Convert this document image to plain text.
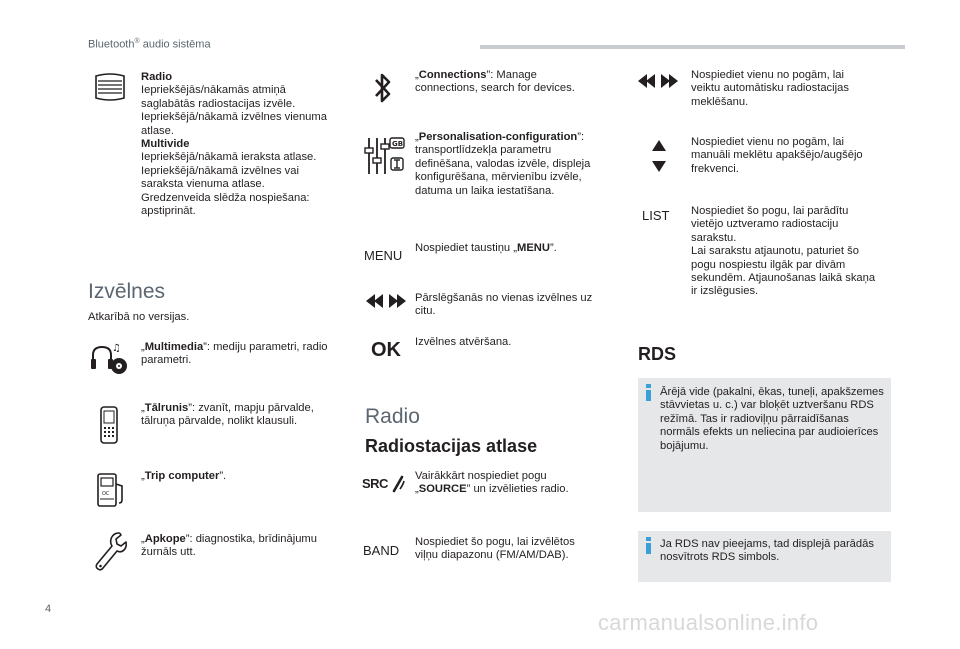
Bluetooth® audio sistēma
Radio
Iepriekšējās/nākamās atmiņā saglabātās radiostacijas izvēle.
Iepriekšējā/nākamā izvēlnes vienuma atlase.
Multivide
Iepriekšējā/nākamā ieraksta atlase.
Iepriekšējā/nākamā izvēlnes vai saraksta vienuma atlase.
Gredzenveida slēdža nospiešana: apstiprināt.
Izvēlnes
Atkarībā no versijas.
♫ „Multimedia”: mediju parametri, radio parametri.
„Tālrunis”: zvanīt, mapju pārvalde, tālruņa pārvalde, nolikt klausuli.
OC
„Trip computer”.
„Apkope”: diagnostika, brīdinājumu žurnāls utt.
„Connections”: Manage connections, search for devices.
GB
„Personalisation-configuration”: transportlīdzekļa parametru definēšana, valodas izvēle, displeja konfigurēšana, mērvienību izvēle, datuma un laika iestatīšana.
MENU Nospiediet taustiņu „MENU”.
Pārslēgšanās no vienas izvēlnes uz citu.
OK Izvēlnes atvēršana.
Radio
Radiostacijas atlase
SRC	Vairākkārt nospiediet pogu „SOURCE” un izvēlieties radio.
BAND
Nospiediet šo pogu, lai izvēlētos viļņu diapazonu (FM/AM/DAB).
Nospiediet vienu no pogām, lai veiktu automātisku radiostacijas meklēšanu.
Nospiediet vienu no pogām, lai manuāli meklētu apakšējo/augšējo frekvenci.
LIST Nospiediet šo pogu, lai parādītu vietējo uztveramo radiostaciju sarakstu.
Lai sarakstu atjaunotu, paturiet šo pogu nospiestu ilgāk par divām sekundēm. Atjaunošanas laikā skaņa ir izslēgusies.
RDS

Ārējā vide (pakalni, ēkas, tuneļi, apakšzemes stāvvietas u. c.) var bloķēt uztveršanu RDS režīmā. Tas ir radioviļņu pārraidīšanas normāls efekts un neliecina par audioierīces bojājumu.

Ja RDS nav pieejams, tad displejā parādās nosvītrots RDS simbols.

4
carmanualsonline.info
